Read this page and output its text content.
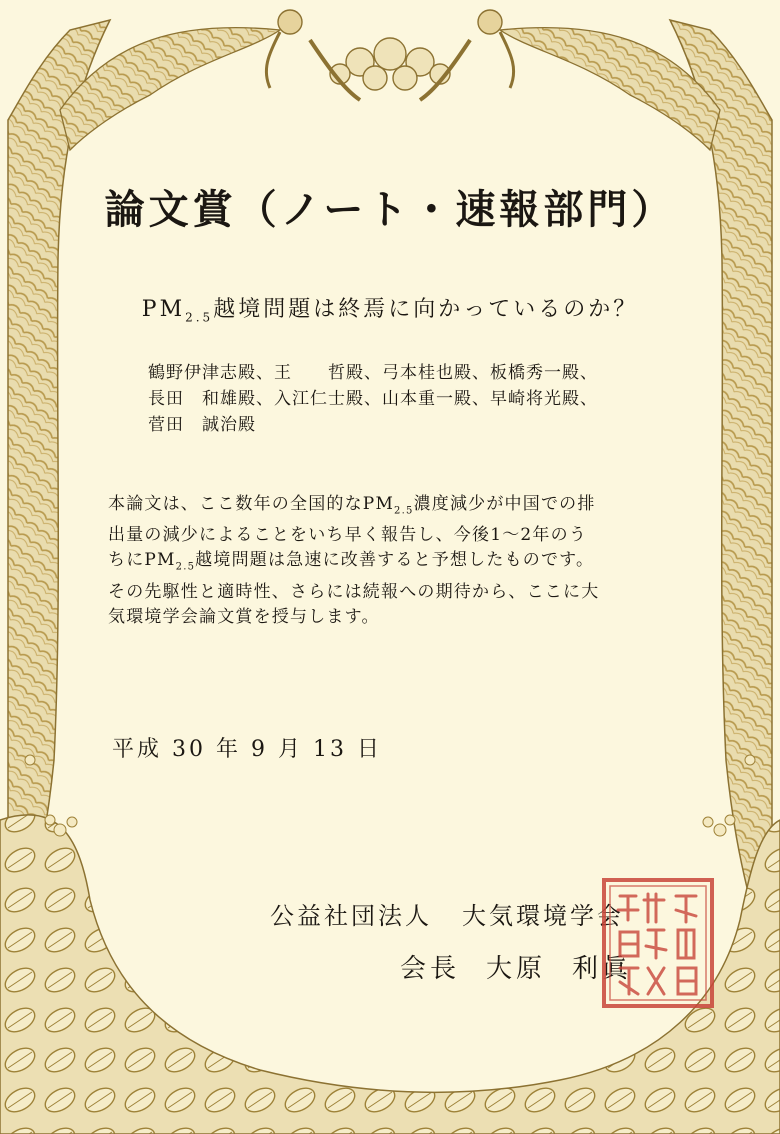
論文賞（ノート・速報部門）
$PM_{2.5}$越境問題は終焉に向かっているのか？
鶴野伊津志殿、王　　哲殿、弓本桂也殿、板橋秀一殿、
長田　和雄殿、入江仁士殿、山本重一殿、早崎将光殿、
菅田　誠治殿
本論文は、ここ数年の全国的な$PM_{2.5}$濃度減少が中国での排
出量の減少によることをいち早く報告し、今後1～2年のう
ちに$PM_{2.5}$越境問題は急速に改善すると予想したものです。
その先駆性と適時性、さらには続報への期待から、ここに大
気環境学会論文賞を授与します。
平成 30 年 9 月 13 日
公益社団法人 大気環境学会
会長 大原 利眞
